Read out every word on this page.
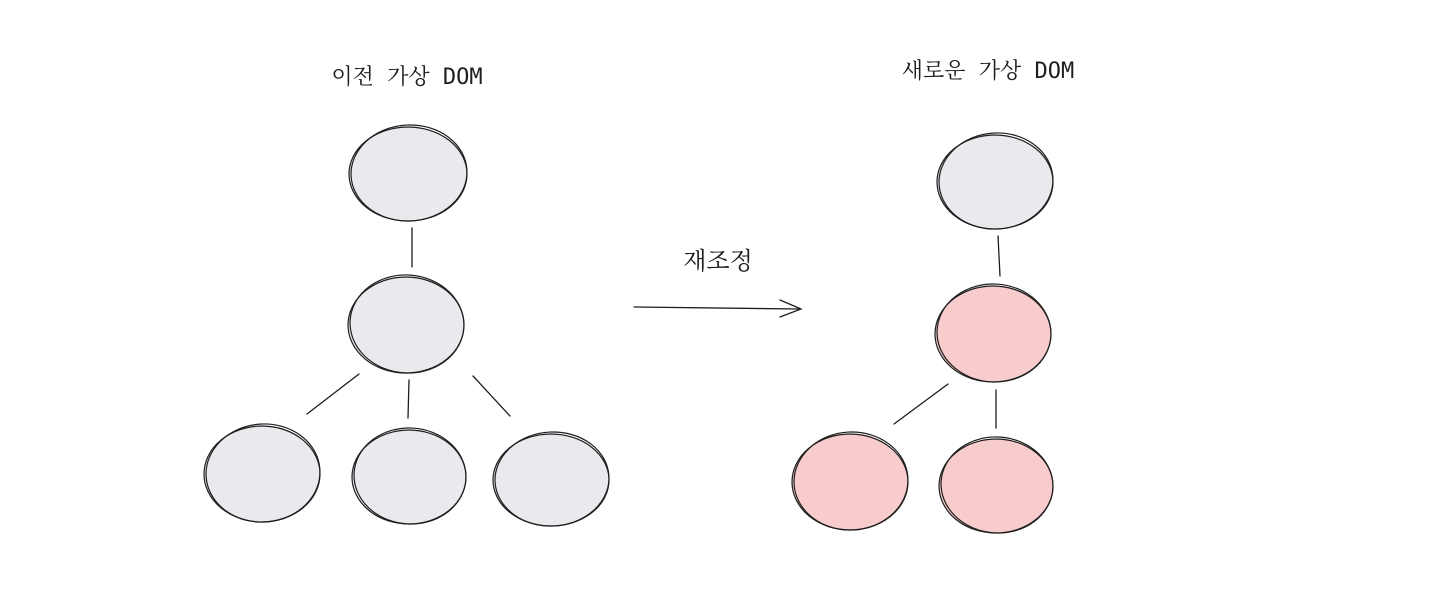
이전 가상 DOM	새로운 가상 DOM
재조정
